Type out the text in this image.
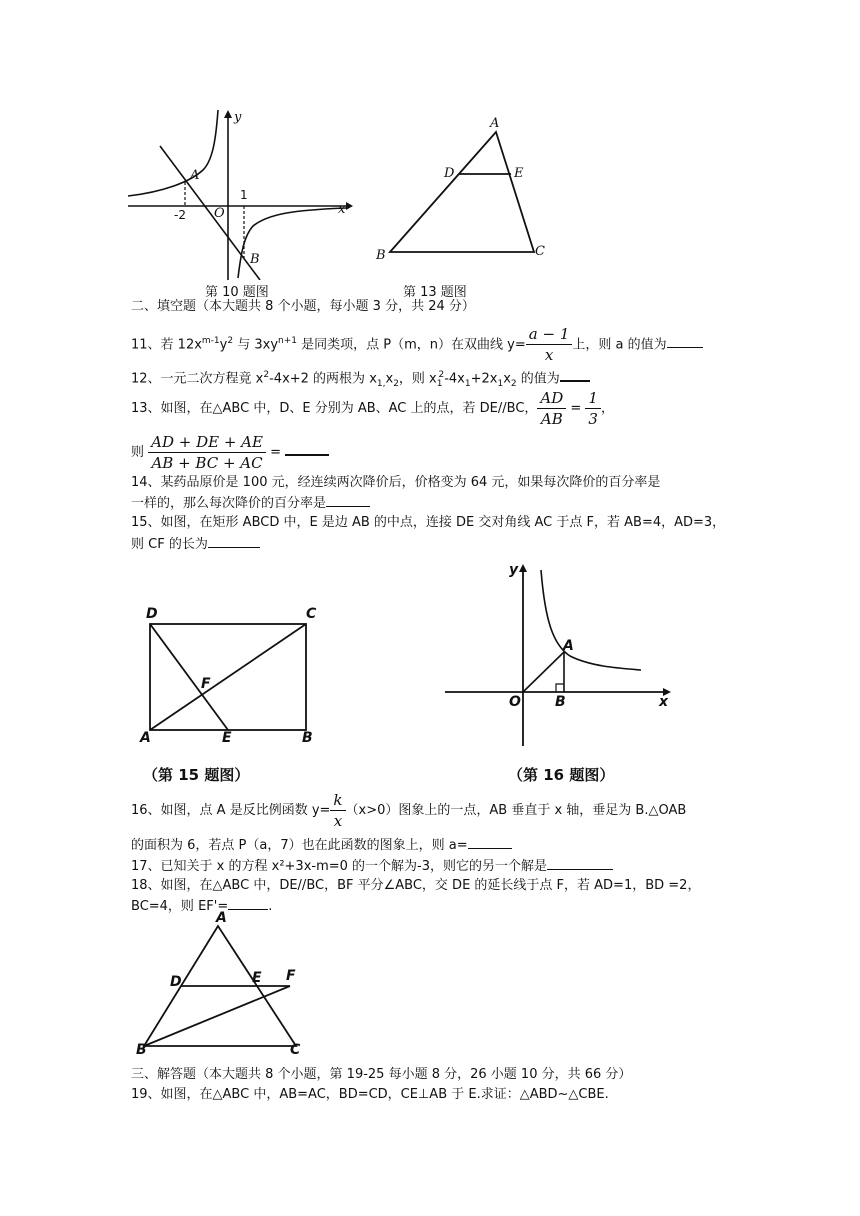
y
x
A
B
O
-2
1
第 10 题图
A
D	E
B	C
第 13 题图
二、填空题（本大题共 8 个小题，每小题 3 分，共 24 分）
11、若 $12x^{m-1}y^2$ 与 $3xy^{n+1}$ 是同类项，点 P（m，n）在双曲线 $y= \frac{a - 1}{x}$ 上，则 a 的值为
12、一元二次方程竟 $x^2-4x+2$ 的两根为 $x_{1,}x_2$，则 $x_1^2-4x_1+2x_1x_2$ 的值为
13、如图，在△ABC 中，D、E 分别为 AB、AC 上的点，若 DE//BC， $\frac{AD}{AB} = \frac{1}{3}$ ，
则 $\frac{AD + DE + AE}{AB + BC + AC}$ =
14、某药品原价是 100 元，经连续两次降价后，价格变为 64 元，如果每次降价的百分率是
一样的，那么每次降价的百分率是
15、如图，在矩形 ABCD 中，E 是边 AB 的中点，连接 DE 交对角线 AC 于点 F，若 AB=4，AD=3，
则 CF 的长为
D	C
F
A	E	B
（第 15 题图）
y
x
A
O B
（第 16 题图）
16、如图，点 A 是反比例函数 $y= \frac{k}{x} (x>0)$图象上的一点，AB 垂直于 x 轴，垂足为 B.△OAB
的面积为 6，若点 P（a，7）也在此函数的图象上，则 a=
17、已知关于 x 的方程 x²+3x-m=0 的一个解为-3，则它的另一个解是
18、如图，在△ABC 中，DE//BC，BF 平分∠ABC，交 DE 的延长线于点 F，若 AD=1，BD =2，
BC=4，则 EF'=	.
A
D	E F
B	C
三、解答题（本大题共 8 个小题，第 19-25 每小题 8 分，26 小题 10 分，共 66 分）
19、如图，在△ABC 中，AB=AC，BD=CD，CE⊥AB 于 E.求证：△ABD~△CBE.
